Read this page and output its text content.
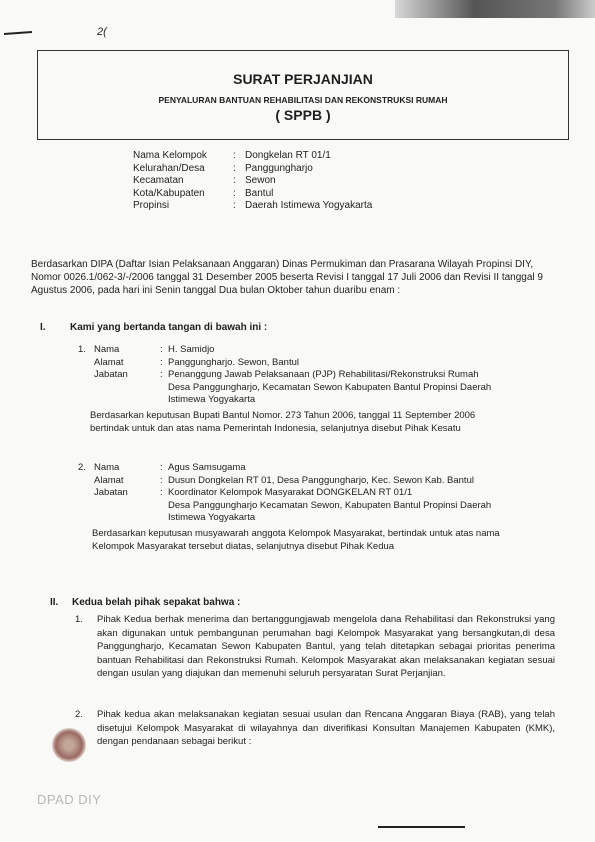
2(
SURAT PERJANJIAN
PENYALURAN BANTUAN REHABILITASI DAN REKONSTRUKSI RUMAH
( SPPB )
Nama Kelompok	: Dongkelan RT 01/1
Kelurahan/Desa	: Panggungharjo
Kecamatan	: Sewon
Kota/Kabupaten	: Bantul
Propinsi	: Daerah Istimewa Yogyakarta
Berdasarkan DIPA (Daftar Isian Pelaksanaan Anggaran) Dinas Permukiman dan Prasarana Wilayah Propinsi DIY, Nomor 0026.1/062-3/-/2006 tanggal 31 Desember 2005 beserta Revisi I tanggal 17 Juli 2006 dan Revisi II tanggal 9 Agustus 2006, pada hari ini Senin tanggal Dua bulan Oktober tahun duaribu enam :
I. Kami yang bertanda tangan di bawah ini :
1. Nama	: H. Samidjo
Alamat	: Panggungharjo. Sewon, Bantul
Jabatan	: Penanggung Jawab Pelaksanaan (PJP) Rehabilitasi/Rekonstruksi Rumah
Desa Panggungharjo, Kecamatan Sewon Kabupaten Bantul Propinsi Daerah
Istimewa Yogyakarta
Berdasarkan keputusan Bupati Bantul Nomor. 273 Tahun 2006, tanggal 11 September 2006
bertindak untuk dan atas nama Pemerintah Indonesia, selanjutnya disebut Pihak Kesatu
2. Nama	: Agus Samsugama
Alamat	: Dusun Dongkelan RT 01, Desa Panggungharjo, Kec. Sewon Kab. Bantul
Jabatan	: Koordinator Kelompok Masyarakat DONGKELAN RT 01/1
Desa Panggungharjo Kecamatan Sewon, Kabupaten Bantul Propinsi Daerah
Istimewa Yogyakarta
Berdasarkan keputusan musyawarah anggota Kelompok Masyarakat, bertindak untuk atas nama
Kelompok Masyarakat tersebut diatas, selanjutnya disebut Pihak Kedua
II. Kedua belah pihak sepakat bahwa :
1. Pihak Kedua berhak menerima dan bertanggungjawab mengelola dana Rehabilitasi dan Rekonstruksi yang akan digunakan untuk pembangunan perumahan bagi Kelompok Masyarakat yang bersangkutan,di desa Panggungharjo, Kecamatan Sewon Kabupaten Bantul, yang telah ditetapkan sebagai prioritas penerima bantuan Rehabilitasi dan Rekonstruksi Rumah. Kelompok Masyarakat akan melaksanakan kegiatan sesuai dengan usulan yang diajukan dan memenuhi seluruh persyaratan Surat Perjanjian.
2. Pihak kedua akan melaksanakan kegiatan sesuai usulan dan Rencana Anggaran Biaya (RAB), yang telah disetujui Kelompok Masyarakat di wilayahnya dan diverifikasi Konsultan Manajemen Kabupaten (KMK), dengan pendanaan sebagai berikut :
DPAD DIY
